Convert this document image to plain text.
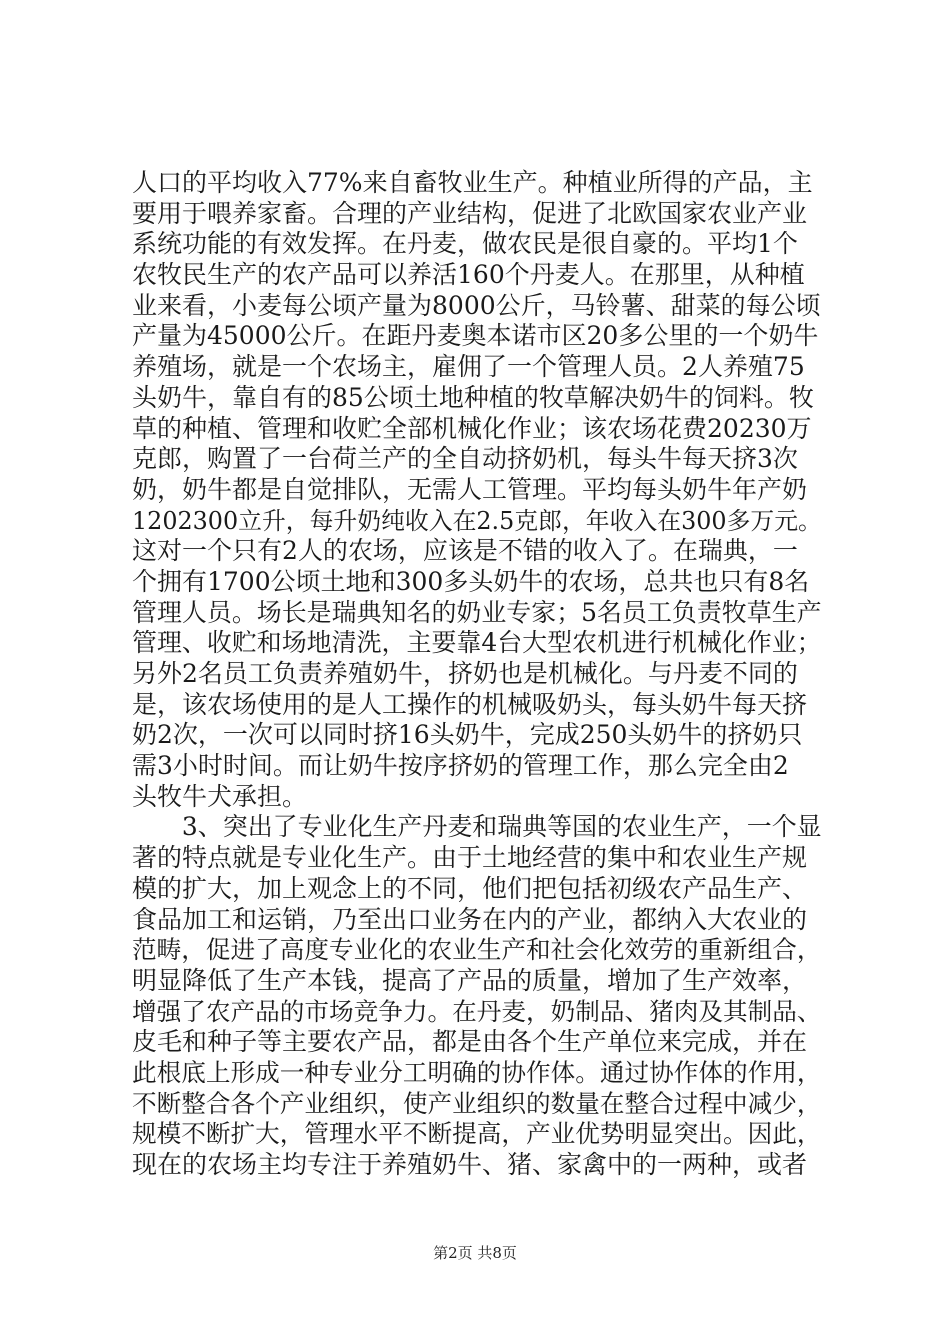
人口的平均收入77%来自畜牧业生产。种植业所得的产品，主
要用于喂养家畜。合理的产业结构，促进了北欧国家农业产业
系统功能的有效发挥。在丹麦，做农民是很自豪的。平均1个
农牧民生产的农产品可以养活160个丹麦人。在那里，从种植
业来看，小麦每公顷产量为8000公斤，马铃薯、甜菜的每公顷
产量为45000公斤。在距丹麦奥本诺市区20多公里的一个奶牛
养殖场，就是一个农场主，雇佣了一个管理人员。2人养殖75
头奶牛，靠自有的85公顷土地种植的牧草解决奶牛的饲料。牧
草的种植、管理和收贮全部机械化作业；该农场花费20230万
克郎，购置了一台荷兰产的全自动挤奶机，每头牛每天挤3次
奶，奶牛都是自觉排队，无需人工管理。平均每头奶牛年产奶
1202300立升，每升奶纯收入在2.5克郎，年收入在300多万元。
这对一个只有2人的农场，应该是不错的收入了。在瑞典，一
个拥有1700公顷土地和300多头奶牛的农场，总共也只有8名
管理人员。场长是瑞典知名的奶业专家；5名员工负责牧草生产
管理、收贮和场地清洗，主要靠4台大型农机进行机械化作业；
另外2名员工负责养殖奶牛，挤奶也是机械化。与丹麦不同的
是，该农场使用的是人工操作的机械吸奶头，每头奶牛每天挤
奶2次，一次可以同时挤16头奶牛，完成250头奶牛的挤奶只
需3小时时间。而让奶牛按序挤奶的管理工作，那么完全由2
头牧牛犬承担。
　　3、突出了专业化生产丹麦和瑞典等国的农业生产，一个显
著的特点就是专业化生产。由于土地经营的集中和农业生产规
模的扩大，加上观念上的不同，他们把包括初级农产品生产、
食品加工和运销，乃至出口业务在内的产业，都纳入大农业的
范畴，促进了高度专业化的农业生产和社会化效劳的重新组合，
明显降低了生产本钱，提高了产品的质量，增加了生产效率，
增强了农产品的市场竞争力。在丹麦，奶制品、猪肉及其制品、
皮毛和种子等主要农产品，都是由各个生产单位来完成，并在
此根底上形成一种专业分工明确的协作体。通过协作体的作用，
不断整合各个产业组织，使产业组织的数量在整合过程中减少，
规模不断扩大，管理水平不断提高，产业优势明显突出。因此，
现在的农场主均专注于养殖奶牛、猪、家禽中的一两种，或者
第2页 共8页
